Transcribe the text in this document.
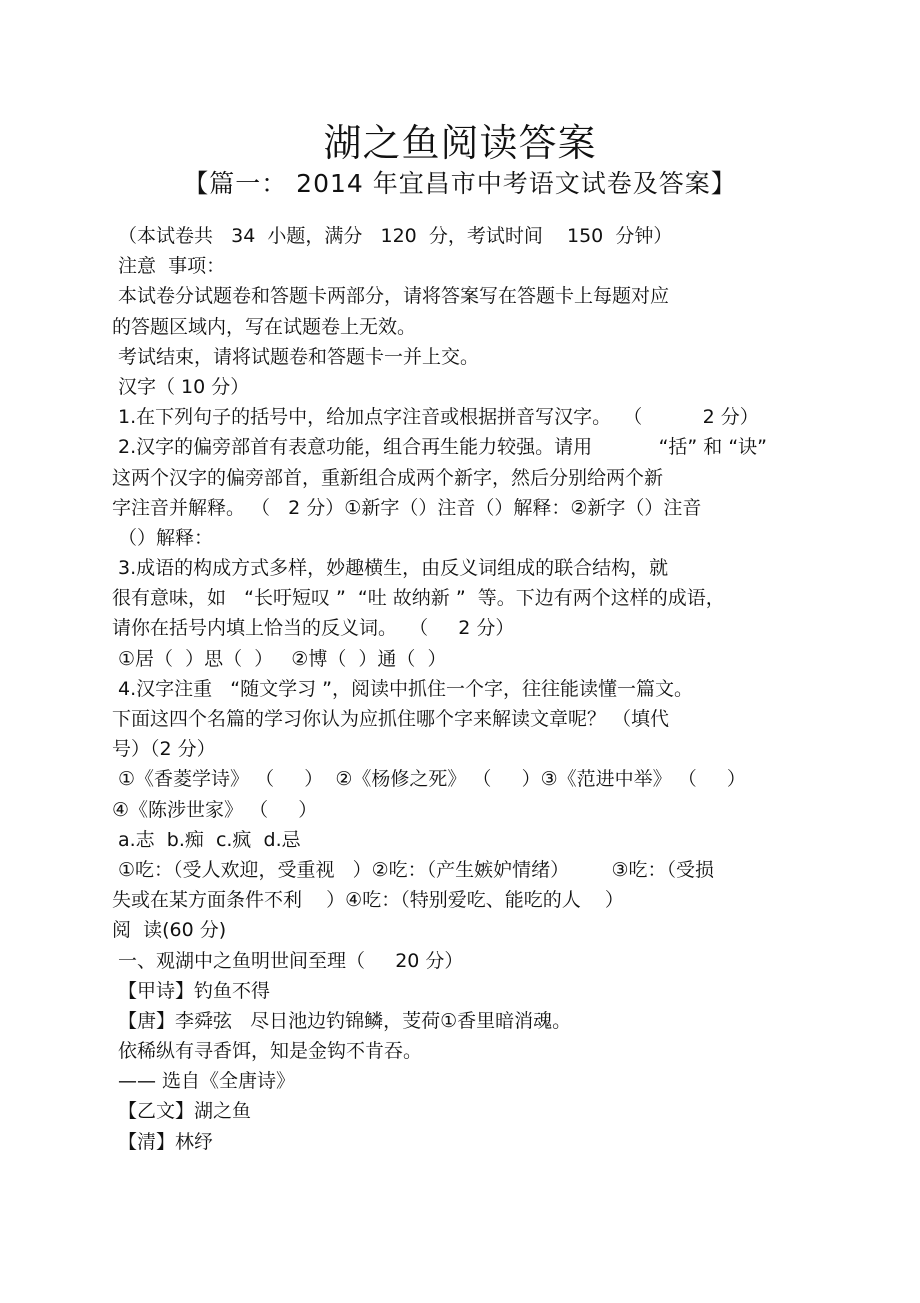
湖之鱼阅读答案
【篇一： 2014 年宜昌市中考语文试卷及答案】
（本试卷共   34  小题，满分   120  分，考试时间    150  分钟）
注意  事项：
本试卷分试题卷和答题卡两部分，请将答案写在答题卡上每题对应
的答题区域内，写在试题卷上无效。
考试结束，请将试题卷和答题卡一并上交。
汉字（ 10 分）
1.在下列句子的括号中，给加点字注音或根据拼音写汉字。  （          2 分）
2.汉字的偏旁部首有表意功能，组合再生能力较强。请用           “括” 和 “诀”
这两个汉字的偏旁部首，重新组合成两个新字，然后分别给两个新
字注音并解释。 （   2 分）①新字（）注音（）解释：②新字（）注音
（）解释：
3.成语的构成方式多样，妙趣横生，由反义词组成的联合结构，就
很有意味，如   “长吁短叹 ”  “吐 故纳新 ”  等。下边有两个这样的成语，
请你在括号内填上恰当的反义词。  （     2 分）
①居（  ）思（  ）   ②博（  ）通（  ）
4.汉字注重   “随文学习 ”，阅读中抓住一个字，往往能读懂一篇文。
下面这四个名篇的学习你认为应抓住哪个字来解读文章呢？ （填代
号）（2 分）
①《香菱学诗》 （     ）  ②《杨修之死》 （     ）③《范进中举》 （     ）
④《陈涉世家》 （     ）
a.志  b.痴  c.疯  d.忌
①吃：（受人欢迎，受重视   ）②吃：（产生嫉妒情绪）       ③吃：（受损
失或在某方面条件不利    ）④吃：（特别爱吃、能吃的人    ）
阅  读(60 分)
一、观湖中之鱼明世间至理（     20 分）
【甲诗】钓鱼不得
【唐】李舜弦   尽日池边钓锦鳞，芰荷①香里暗消魂。
依稀纵有寻香饵，知是金钩不肯吞。
—— 选自《全唐诗》
【乙文】湖之鱼
【清】林纾
